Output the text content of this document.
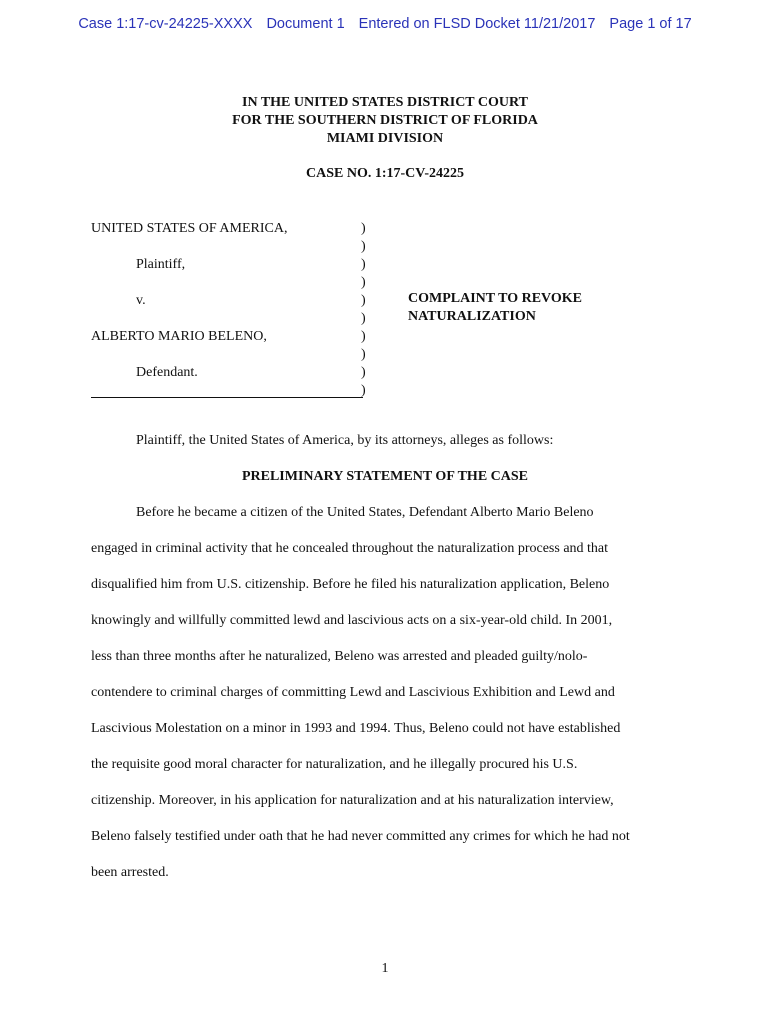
Case 1:17-cv-24225-XXXX Document 1 Entered on FLSD Docket 11/21/2017 Page 1 of 17
IN THE UNITED STATES DISTRICT COURT
FOR THE SOUTHERN DISTRICT OF FLORIDA
MIAMI DIVISION
CASE NO. 1:17-CV-24225
UNITED STATES OF AMERICA,
Plaintiff,
v.
ALBERTO MARIO BELENO,
Defendant.
)
)
)
)
)
)
)
)
)
)
COMPLAINT TO REVOKE
NATURALIZATION
Plaintiff, the United States of America, by its attorneys, alleges as follows:
PRELIMINARY STATEMENT OF THE CASE
Before he became a citizen of the United States, Defendant Alberto Mario Beleno
engaged in criminal activity that he concealed throughout the naturalization process and that
disqualified him from U.S. citizenship. Before he filed his naturalization application, Beleno
knowingly and willfully committed lewd and lascivious acts on a six-year-old child. In 2001,
less than three months after he naturalized, Beleno was arrested and pleaded guilty/nolo-
contendere to criminal charges of committing Lewd and Lascivious Exhibition and Lewd and
Lascivious Molestation on a minor in 1993 and 1994. Thus, Beleno could not have established
the requisite good moral character for naturalization, and he illegally procured his U.S.
citizenship. Moreover, in his application for naturalization and at his naturalization interview,
Beleno falsely testified under oath that he had never committed any crimes for which he had not
been arrested.
1
